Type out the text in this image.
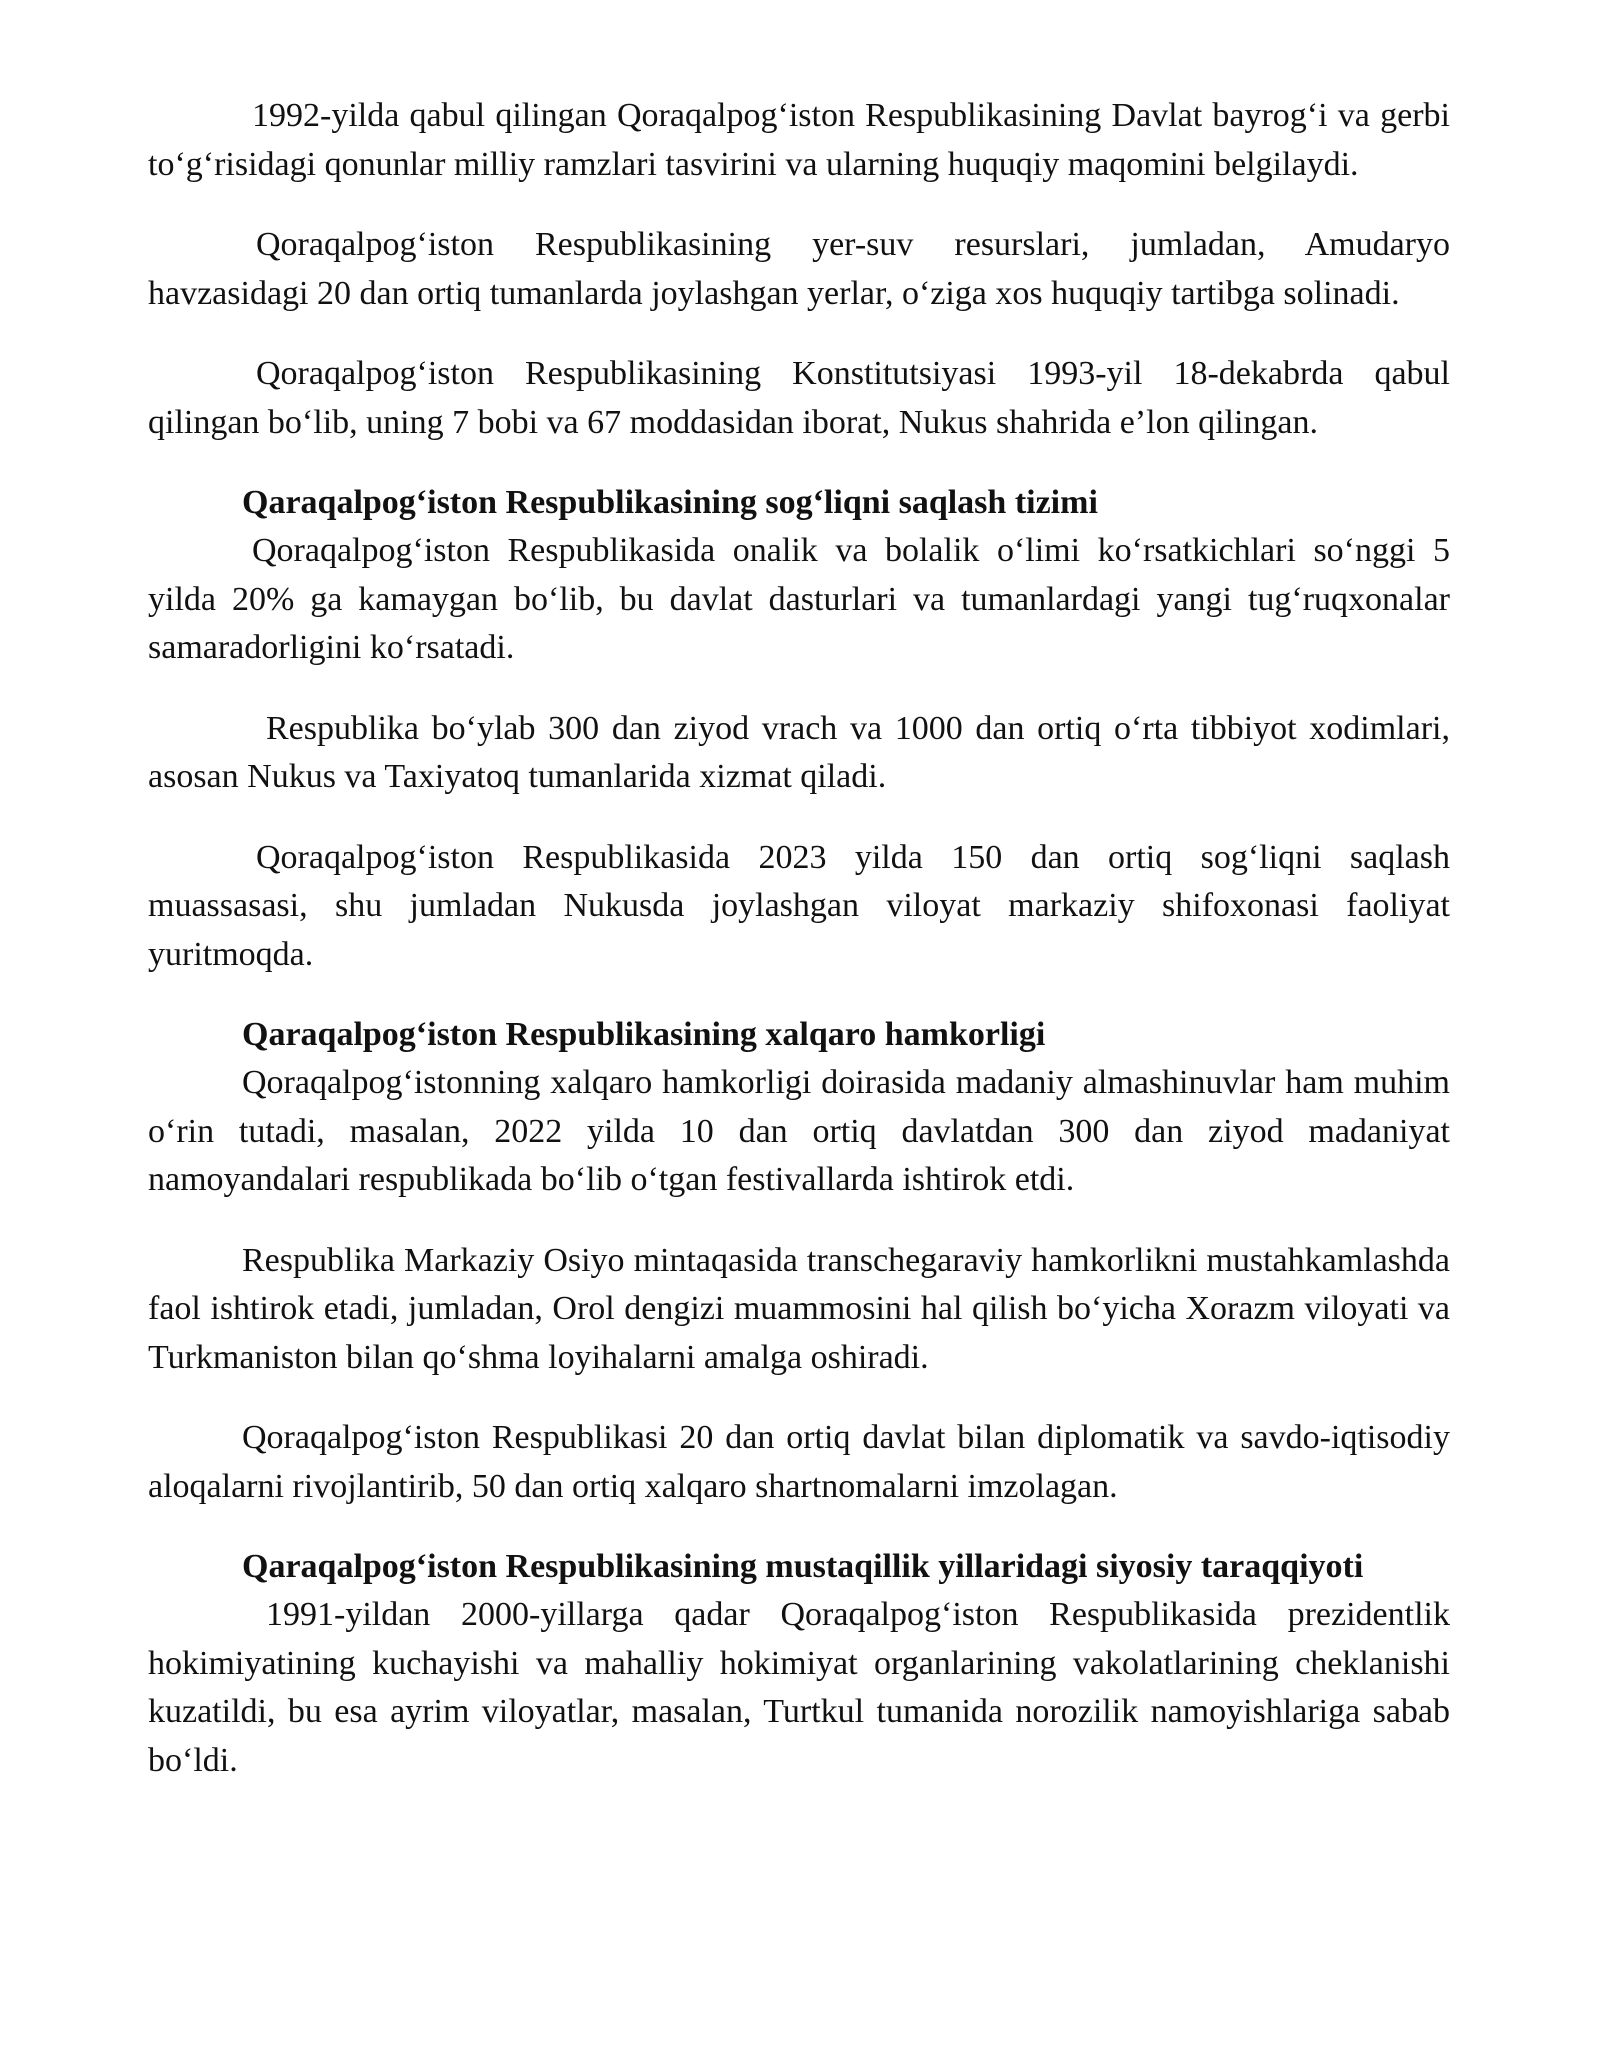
1992-yilda qabul qilingan Qoraqalpog‘iston Respublikasining Davlat bayrog‘i va gerbi to‘g‘risidagi qonunlar milliy ramzlari tasvirini va ularning huquqiy maqomini belgilaydi.

Qoraqalpog‘iston Respublikasining yer-suv resurslari, jumladan, Amudaryo havzasidagi 20 dan ortiq tumanlarda joylashgan yerlar, o‘ziga xos huquqiy tartibga solinadi.

Qoraqalpog‘iston Respublikasining Konstitutsiyasi 1993-yil 18-dekabrda qabul qilingan bo‘lib, uning 7 bobi va 67 moddasidan iborat, Nukus shahrida e’lon qilingan.

Qaraqalpog‘iston Respublikasining sog‘liqni saqlash tizimi

Qoraqalpog‘iston Respublikasida onalik va bolalik o‘limi ko‘rsatkichlari so‘nggi 5 yilda 20% ga kamaygan bo‘lib, bu davlat dasturlari va tumanlardagi yangi tug‘ruqxonalar samaradorligini ko‘rsatadi.

Respublika bo‘ylab 300 dan ziyod vrach va 1000 dan ortiq o‘rta tibbiyot xodimlari, asosan Nukus va Taxiyatoq tumanlarida xizmat qiladi.

Qoraqalpog‘iston Respublikasida 2023 yilda 150 dan ortiq sog‘liqni saqlash muassasasi, shu jumladan Nukusda joylashgan viloyat markaziy shifoxonasi faoliyat yuritmoqda.

Qaraqalpog‘iston Respublikasining xalqaro hamkorligi

Qoraqalpog‘istonning xalqaro hamkorligi doirasida madaniy almashinuvlar ham muhim o‘rin tutadi, masalan, 2022 yilda 10 dan ortiq davlatdan 300 dan ziyod madaniyat namoyandalari respublikada bo‘lib o‘tgan festivallarda ishtirok etdi.

Respublika Markaziy Osiyo mintaqasida transchegaraviy hamkorlikni mustahkamlashda faol ishtirok etadi, jumladan, Orol dengizi muammosini hal qilish bo‘yicha Xorazm viloyati va Turkmaniston bilan qo‘shma loyihalarni amalga oshiradi.

Qoraqalpog‘iston Respublikasi 20 dan ortiq davlat bilan diplomatik va savdo-iqtisodiy aloqalarni rivojlantirib, 50 dan ortiq xalqaro shartnomalarni imzolagan.

Qaraqalpog‘iston Respublikasining mustaqillik yillaridagi siyosiy taraqqiyoti

1991-yildan 2000-yillarga qadar Qoraqalpog‘iston Respublikasida prezidentlik hokimiyatining kuchayishi va mahalliy hokimiyat organlarining vakolatlarining cheklanishi kuzatildi, bu esa ayrim viloyatlar, masalan, Turtkul tumanida norozilik namoyishlariga sabab bo‘ldi.
